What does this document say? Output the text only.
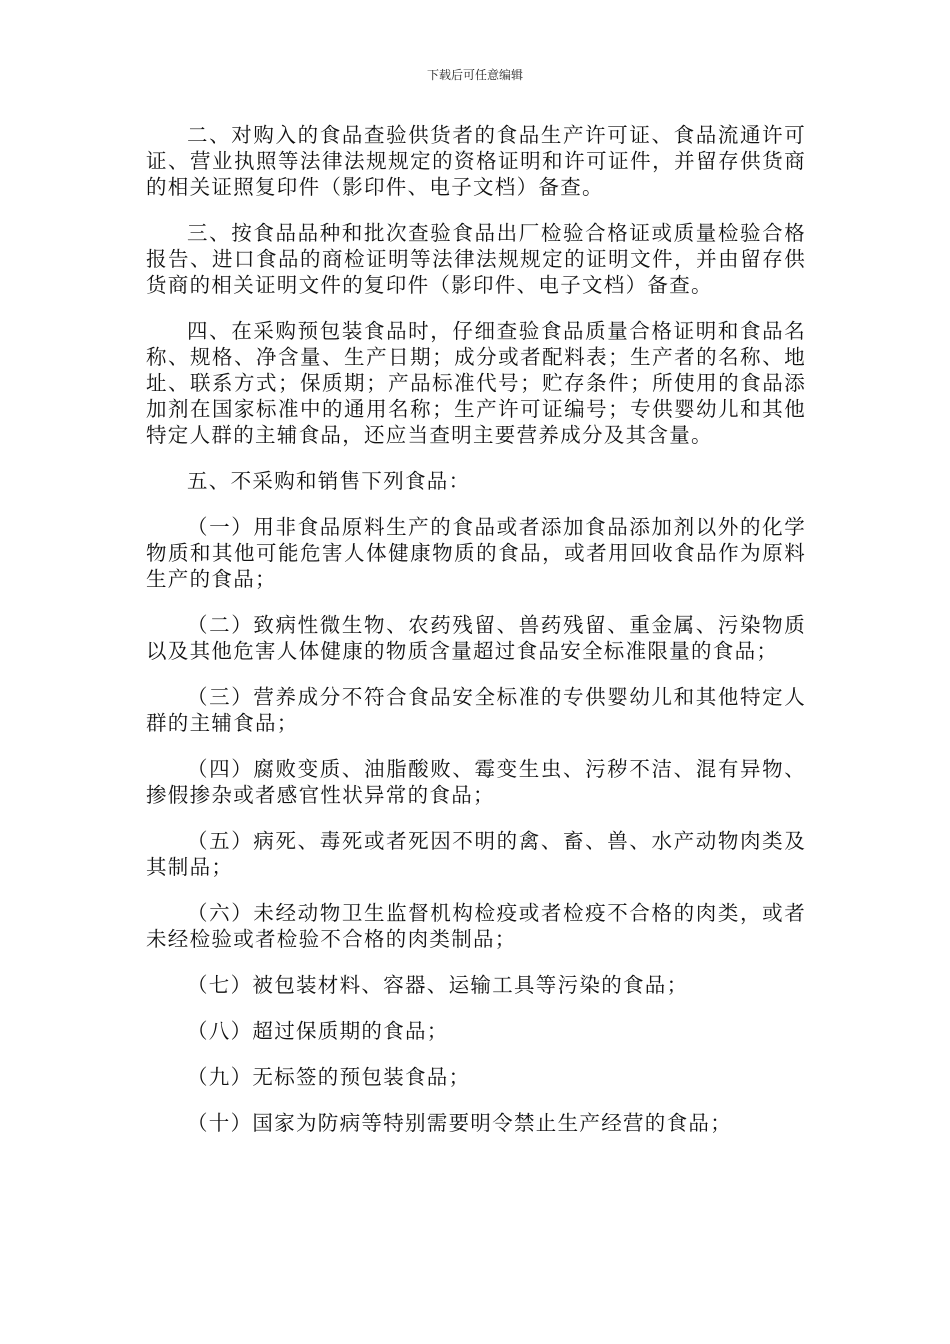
下载后可任意编辑

二、对购入的食品查验供货者的食品生产许可证、食品流通许可证、营业执照等法律法规规定的资格证明和许可证件，并留存供货商的相关证照复印件（影印件、电子文档）备查。

三、按食品品种和批次查验食品出厂检验合格证或质量检验合格报告、进口食品的商检证明等法律法规规定的证明文件，并由留存供货商的相关证明文件的复印件（影印件、电子文档）备查。

四、在采购预包装食品时，仔细查验食品质量合格证明和食品名称、规格、净含量、生产日期；成分或者配料表；生产者的名称、地址、联系方式；保质期；产品标准代号；贮存条件；所使用的食品添加剂在国家标准中的通用名称；生产许可证编号；专供婴幼儿和其他特定人群的主辅食品，还应当查明主要营养成分及其含量。

五、不采购和销售下列食品：

（一）用非食品原料生产的食品或者添加食品添加剂以外的化学物质和其他可能危害人体健康物质的食品，或者用回收食品作为原料生产的食品；

（二）致病性微生物、农药残留、兽药残留、重金属、污染物质以及其他危害人体健康的物质含量超过食品安全标准限量的食品；

（三）营养成分不符合食品安全标准的专供婴幼儿和其他特定人群的主辅食品；

（四）腐败变质、油脂酸败、霉变生虫、污秽不洁、混有异物、掺假掺杂或者感官性状异常的食品；

（五）病死、毒死或者死因不明的禽、畜、兽、水产动物肉类及其制品；

（六）未经动物卫生监督机构检疫或者检疫不合格的肉类，或者未经检验或者检验不合格的肉类制品；

（七）被包装材料、容器、运输工具等污染的食品；

（八）超过保质期的食品；

（九）无标签的预包装食品；

（十）国家为防病等特别需要明令禁止生产经营的食品；
